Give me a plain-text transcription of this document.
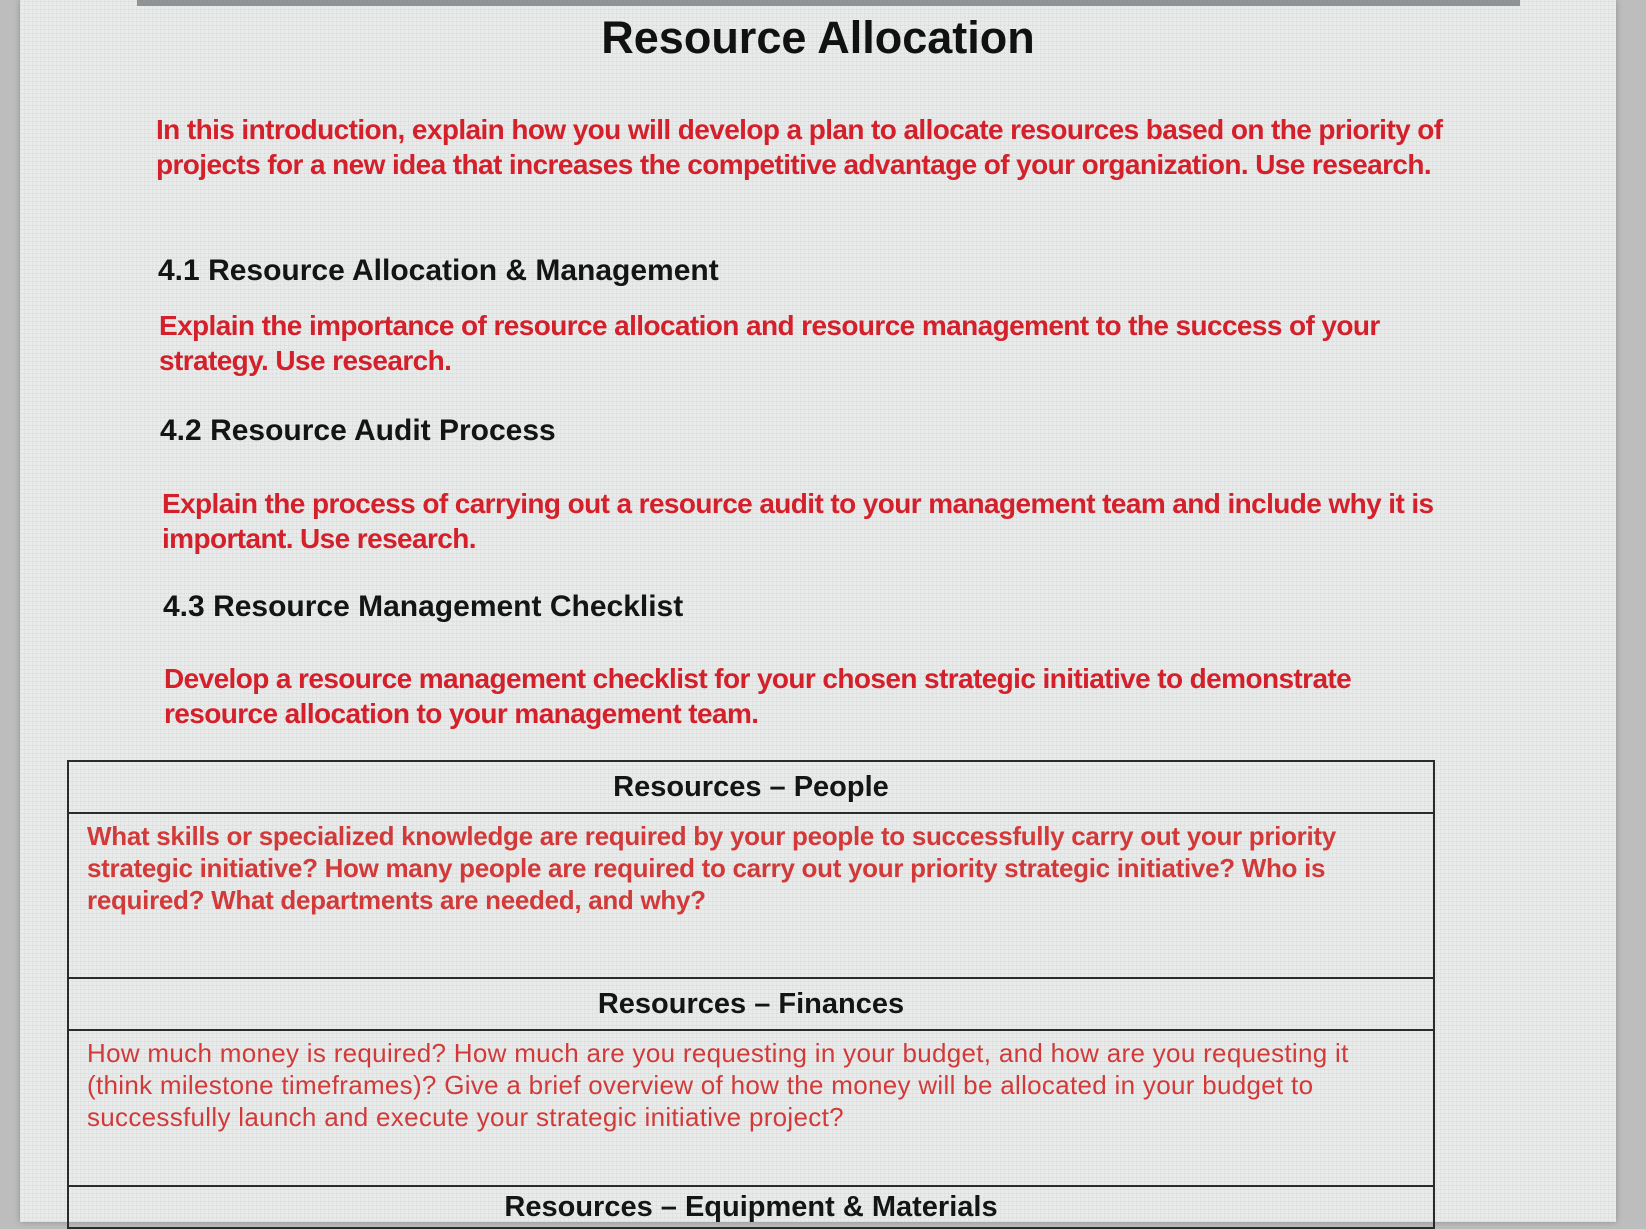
Resource Allocation

In this introduction, explain how you will develop a plan to allocate resources based on the priority of projects for a new idea that increases the competitive advantage of your organization. Use research.

4.1 Resource Allocation & Management

Explain the importance of resource allocation and resource management to the success of your strategy. Use research.

4.2 Resource Audit Process

Explain the process of carrying out a resource audit to your management team and include why it is important. Use research.

4.3 Resource Management Checklist

Develop a resource management checklist for your chosen strategic initiative to demonstrate resource allocation to your management team.

Resources – People
What skills or specialized knowledge are required by your people to successfully carry out your priority strategic initiative? How many people are required to carry out your priority strategic initiative? Who is required? What departments are needed, and why?
Resources – Finances
How much money is required? How much are you requesting in your budget, and how are you requesting it (think milestone timeframes)? Give a brief overview of how the money will be allocated in your budget to successfully launch and execute your strategic initiative project?
Resources – Equipment & Materials
